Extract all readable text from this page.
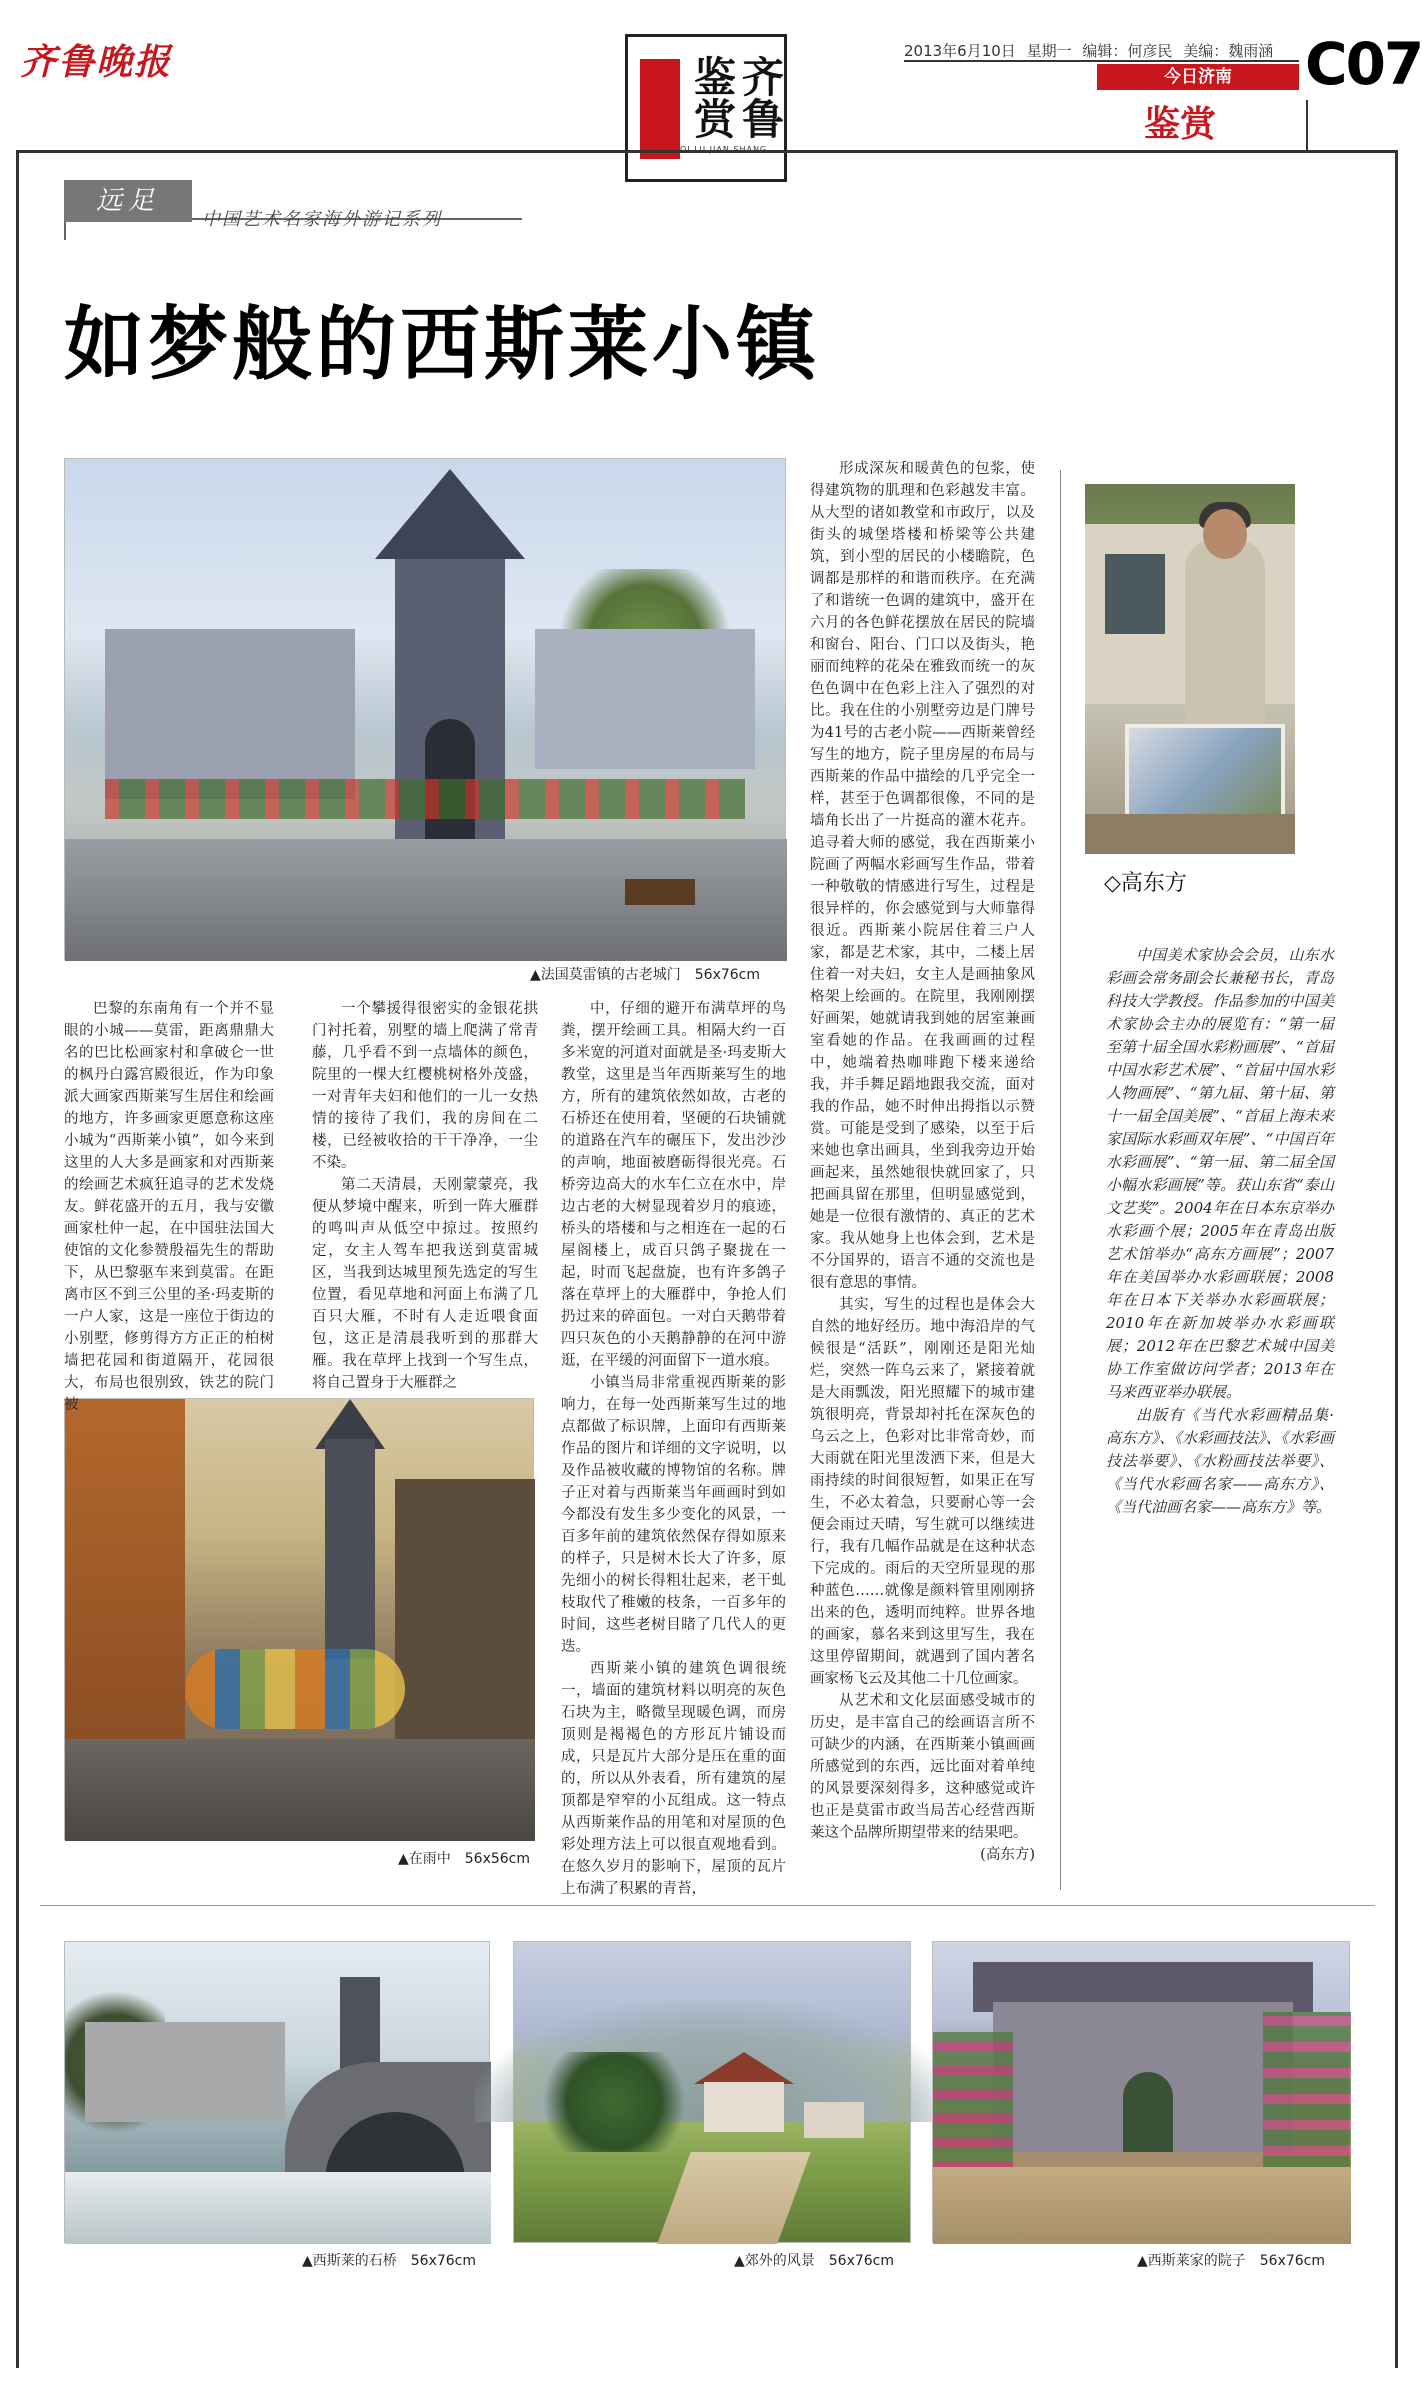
齐鲁晚报	齐鲁鉴赏
QI LU JIAN SHANG
2013年6月10日 星期一 编辑：何彦民 美编：魏雨涵
今日济南
鉴赏
C07
远足
中国艺术名家海外游记系列
如梦般的西斯莱小镇
▲法国莫雷镇的古老城门　56x76cm
▲在雨中　56x56cm
▲西斯莱的石桥　56x76cm	▲郊外的风景　56x76cm	▲西斯莱家的院子　56x76cm
◇高东方

中国美术家协会会员，山东水彩画会常务副会长兼秘书长，青岛科技大学教授。作品参加的中国美术家协会主办的展览有：“第一届至第十届全国水彩粉画展”、“首届中国水彩艺术展”、“首届中国水彩人物画展”、“第九届、第十届、第十一届全国美展”、“首届上海未来家国际水彩画双年展”、“中国百年水彩画展”、“第一届、第二届全国小幅水彩画展”等。获山东省“泰山文艺奖”。2004年在日本东京举办水彩画个展；2005年在青岛出版艺术馆举办“高东方画展”；2007年在美国举办水彩画联展；2008年在日本下关举办水彩画联展；2010年在新加坡举办水彩画联展；2012年在巴黎艺术城中国美协工作室做访问学者；2013年在马来西亚举办联展。

出版有《当代水彩画精品集·高东方》、《水彩画技法》、《水彩画技法举要》、《水粉画技法举要》、《当代水彩画名家——高东方》、《当代油画名家——高东方》等。

巴黎的东南角有一个并不显眼的小城——莫雷，距离鼎鼎大名的巴比松画家村和拿破仑一世的枫丹白露宫殿很近，作为印象派大画家西斯莱写生居住和绘画的地方，许多画家更愿意称这座小城为“西斯莱小镇”，如今来到这里的人大多是画家和对西斯莱的绘画艺术疯狂追寻的艺术发烧友。鲜花盛开的五月，我与安徽画家杜仲一起，在中国驻法国大使馆的文化参赞殷福先生的帮助下，从巴黎驱车来到莫雷。在距离市区不到三公里的圣·玛麦斯的一户人家，这是一座位于街边的小别墅，修剪得方方正正的柏树墙把花园和街道隔开，花园很大，布局也很别致，铁艺的院门被

一个攀援得很密实的金银花拱门衬托着，别墅的墙上爬满了常青藤，几乎看不到一点墙体的颜色，院里的一棵大红樱桃树格外茂盛，一对青年夫妇和他们的一儿一女热情的接待了我们，我的房间在二楼，已经被收拾的干干净净，一尘不染。

第二天清晨，天刚蒙蒙亮，我便从梦境中醒来，听到一阵大雁群的鸣叫声从低空中掠过。按照约定，女主人驾车把我送到莫雷城区，当我到达城里预先选定的写生位置，看见草地和河面上布满了几百只大雁，不时有人走近喂食面包，这正是清晨我听到的那群大雁。我在草坪上找到一个写生点，将自己置身于大雁群之

中，仔细的避开布满草坪的鸟粪，摆开绘画工具。相隔大约一百多米宽的河道对面就是圣·玛麦斯大教堂，这里是当年西斯莱写生的地方，所有的建筑依然如故，古老的石桥还在使用着，坚硬的石块铺就的道路在汽车的碾压下，发出沙沙的声响，地面被磨砺得很光亮。石桥旁边高大的水车仁立在水中，岸边古老的大树显现着岁月的痕迹，桥头的塔楼和与之相连在一起的石屋阁楼上，成百只鸽子聚拢在一起，时而飞起盘旋，也有许多鸽子落在草坪上的大雁群中，争抢人们扔过来的碎面包。一对白天鹅带着四只灰色的小天鹅静静的在河中游逛，在平缓的河面留下一道水痕。

小镇当局非常重视西斯莱的影响力，在每一处西斯莱写生过的地点都做了标识牌，上面印有西斯莱作品的图片和详细的文字说明，以及作品被收藏的博物馆的名称。牌子正对着与西斯莱当年画画时到如今都没有发生多少变化的风景，一百多年前的建筑依然保存得如原来的样子，只是树木长大了许多，原先细小的树长得粗壮起来，老干虬枝取代了稚嫩的枝条，一百多年的时间，这些老树目睹了几代人的更迭。

西斯莱小镇的建筑色调很统一，墙面的建筑材料以明亮的灰色石块为主，略微呈现暖色调，而房顶则是褐褐色的方形瓦片铺设而成，只是瓦片大部分是压在重的面的，所以从外表看，所有建筑的屋顶都是窄窄的小瓦组成。这一特点从西斯莱作品的用笔和对屋顶的色彩处理方法上可以很直观地看到。在悠久岁月的影响下，屋顶的瓦片上布满了积累的青苔，

形成深灰和暖黄色的包浆，使得建筑物的肌理和色彩越发丰富。从大型的诸如教堂和市政厅，以及街头的城堡塔楼和桥梁等公共建筑，到小型的居民的小楼瞻院，色调都是那样的和谐而秩序。在充满了和谐统一色调的建筑中，盛开在六月的各色鲜花摆放在居民的院墙和窗台、阳台、门口以及街头，艳丽而纯粹的花朵在雅致而统一的灰色色调中在色彩上注入了强烈的对比。我在住的小别墅旁边是门牌号为41号的古老小院——西斯莱曾经写生的地方，院子里房屋的布局与西斯莱的作品中描绘的几乎完全一样，甚至于色调都很像，不同的是墙角长出了一片挺高的灌木花卉。追寻着大师的感觉，我在西斯莱小院画了两幅水彩画写生作品，带着一种敬敬的情感进行写生，过程是很异样的，你会感觉到与大师靠得很近。西斯莱小院居住着三户人家，都是艺术家，其中，二楼上居住着一对夫妇，女主人是画抽象风格架上绘画的。在院里，我刚刚摆好画架，她就请我到她的居室兼画室看她的作品。在我画画的过程中，她端着热咖啡跑下楼来递给我，并手舞足蹈地跟我交流，面对我的作品，她不时伸出拇指以示赞赏。可能是受到了感染，以至于后来她也拿出画具，坐到我旁边开始画起来，虽然她很快就回家了，只把画具留在那里，但明显感觉到，她是一位很有激情的、真正的艺术家。我从她身上也体会到，艺术是不分国界的，语言不通的交流也是很有意思的事情。

其实，写生的过程也是体会大自然的地好经历。地中海沿岸的气候很是“活跃”，刚刚还是阳光灿烂，突然一阵乌云来了，紧接着就是大雨瓢泼，阳光照耀下的城市建筑很明亮，背景却衬托在深灰色的乌云之上，色彩对比非常奇妙，而大雨就在阳光里泼洒下来，但是大雨持续的时间很短暂，如果正在写生，不必太着急，只要耐心等一会便会雨过天晴，写生就可以继续进行，我有几幅作品就是在这种状态下完成的。雨后的天空所显现的那种蓝色……就像是颜料管里刚刚挤出来的色，透明而纯粹。世界各地的画家，慕名来到这里写生，我在这里停留期间，就遇到了国内著名画家杨飞云及其他二十几位画家。

从艺术和文化层面感受城市的历史，是丰富自己的绘画语言所不可缺少的内涵，在西斯莱小镇画画所感觉到的东西，远比面对着单纯的风景要深刻得多，这种感觉或许也正是莫雷市政当局苦心经营西斯莱这个品牌所期望带来的结果吧。

(高东方)
